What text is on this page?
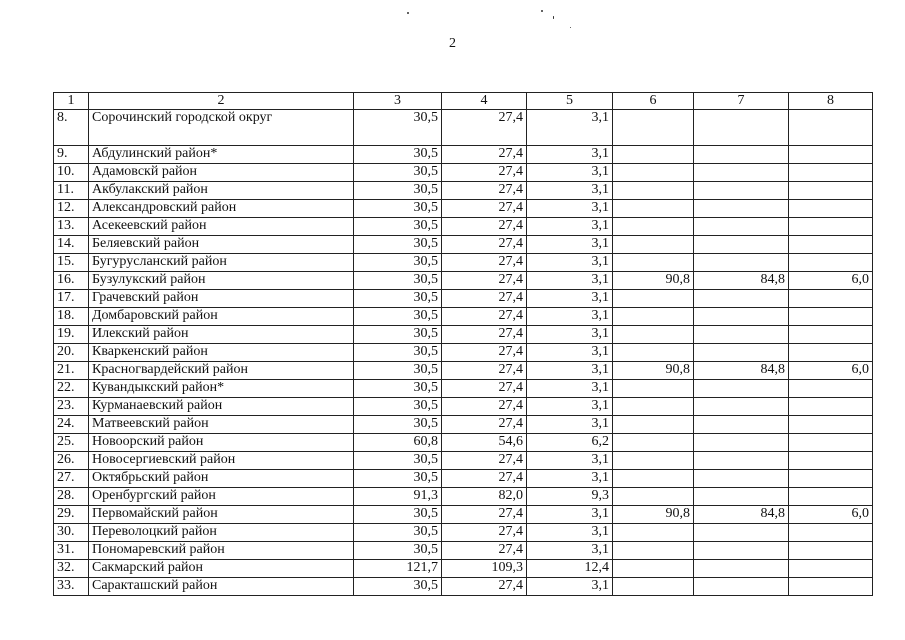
2
1	2	3	4	5	6	7	8
8.	Сорочинский городской округ	30,5	27,4	3,1			
9.	Абдулинский район*	30,5	27,4	3,1			
10.	Адамовскй район	30,5	27,4	3,1			
11.	Акбулакский район	30,5	27,4	3,1			
12.	Александровский район	30,5	27,4	3,1			
13.	Асекеевский район	30,5	27,4	3,1			
14.	Беляевский район	30,5	27,4	3,1			
15.	Бугурусланский район	30,5	27,4	3,1			
16.	Бузулукский район	30,5	27,4	3,1	90,8	84,8	6,0
17.	Грачевский район	30,5	27,4	3,1			
18.	Домбаровский район	30,5	27,4	3,1			
19.	Илекский район	30,5	27,4	3,1			
20.	Кваркенский район	30,5	27,4	3,1			
21.	Красногвардейский район	30,5	27,4	3,1	90,8	84,8	6,0
22.	Кувандыкский район*	30,5	27,4	3,1			
23.	Курманаевский район	30,5	27,4	3,1			
24.	Матвеевский район	30,5	27,4	3,1			
25.	Новоорский район	60,8	54,6	6,2			
26.	Новосергиевский район	30,5	27,4	3,1			
27.	Октябрьский район	30,5	27,4	3,1			
28.	Оренбургский район	91,3	82,0	9,3			
29.	Первомайский район	30,5	27,4	3,1	90,8	84,8	6,0
30.	Переволоцкий район	30,5	27,4	3,1			
31.	Пономаревский район	30,5	27,4	3,1			
32.	Сакмарский район	121,7	109,3	12,4			
33.	Саракташский район	30,5	27,4	3,1			
